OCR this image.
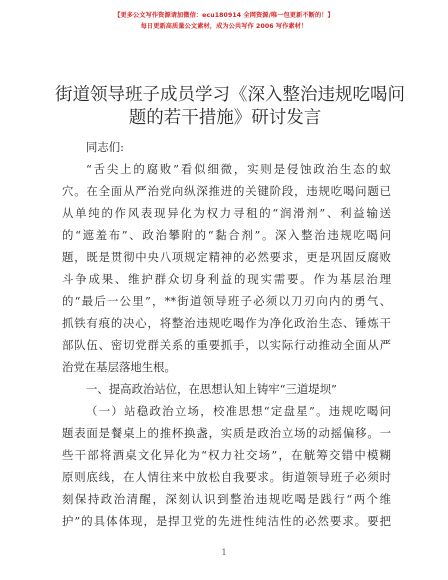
【更多公文写作资源请加微信：ecu180914 全网资源/唯一包更新不断的！】
每日更新高质量公文素材，成为公共写作 2006 写作素材！
街道领导班子成员学习《深入整治违规吃喝问
题的若干措施》研讨发言
同志们:
“舌尖上的腐败”看似细微，实则是侵蚀政治生态的蚁
穴。在全面从严治党向纵深推进的关键阶段，违规吃喝问题已
从单纯的作风表现异化为权力寻租的“润滑剂”、利益输送
的“遮羞布”、政治攀附的“黏合剂”。深入整治违规吃喝问
题，既是贯彻中央八项规定精神的必然要求，更是巩固反腐败
斗争成果、维护群众切身利益的现实需要。作为基层治理
的“最后一公里”，**街道领导班子必须以刀刃向内的勇气、
抓铁有痕的决心，将整治违规吃喝作为净化政治生态、锤炼干
部队伍、密切党群关系的重要抓手，以实际行动推动全面从严
治党在基层落地生根。
一、提高政治站位，在思想认知上铸牢“三道堤坝”
（一）站稳政治立场，校准思想“定盘星”。违规吃喝问
题表面是餐桌上的推杯换盏，实质是政治立场的动摇偏移。一
些干部将酒桌文化异化为“权力社交场”，在觥筹交错中模糊
原则底线，在人情往来中放松自我要求。街道领导班子必须时
刻保持政治清醒，深刻认识到整治违规吃喝是践行“两个维
护”的具体体现，是捍卫党的先进性纯洁性的必然要求。要把
1
